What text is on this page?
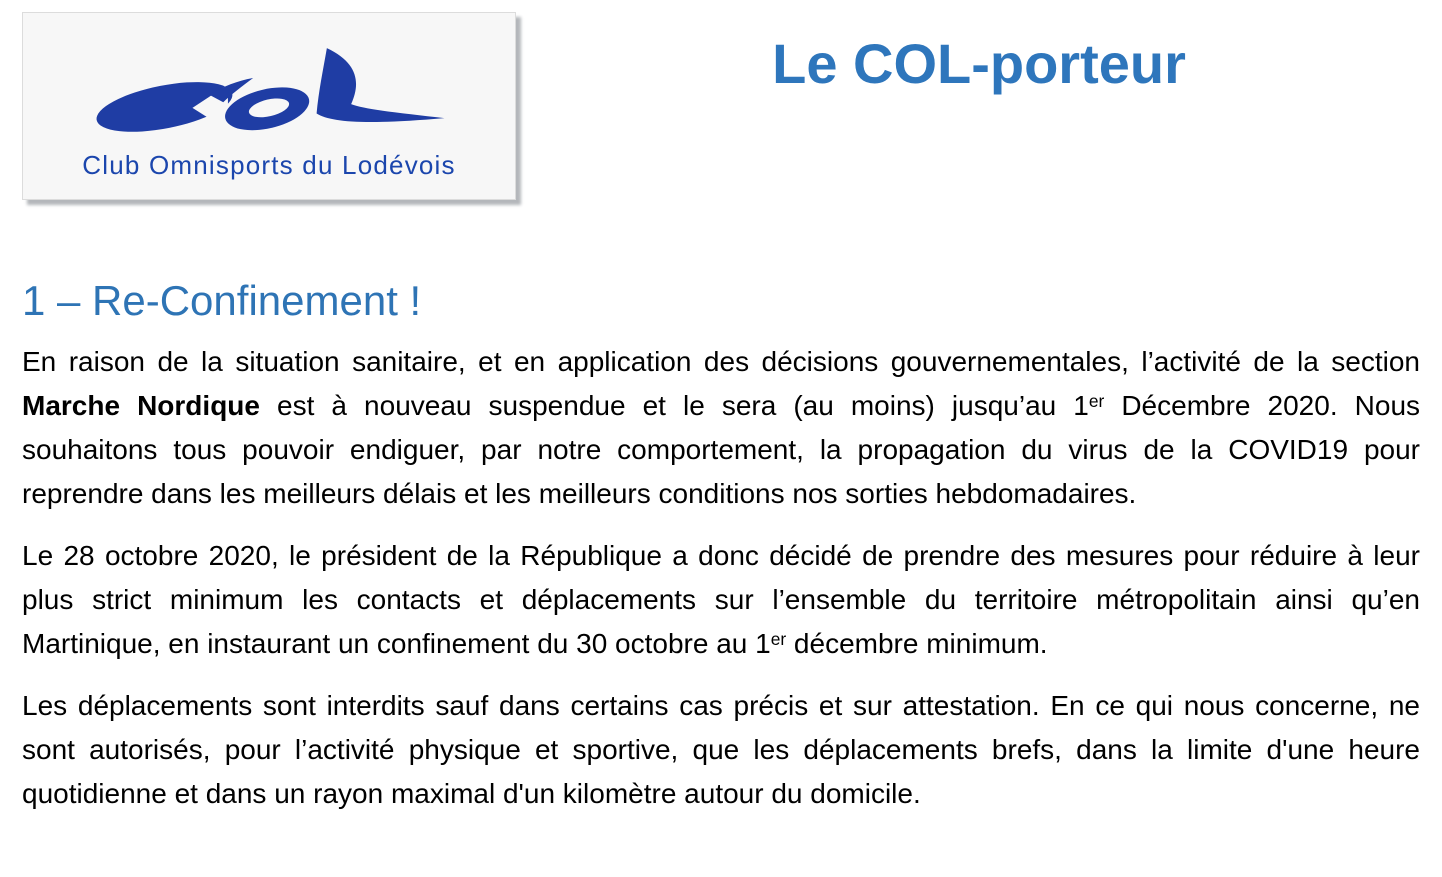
Club Omnisports du Lodévois
Le COL-porteur
1 – Re-Confinement !

En raison de la situation sanitaire, et en application des décisions gouvernementales, l’activité de la section Marche Nordique est à nouveau suspendue et le sera (au moins) jusqu’au 1er Décembre 2020. Nous souhaitons tous pouvoir endiguer, par notre comportement, la propagation du virus de la COVID19 pour reprendre dans les meilleurs délais et les meilleurs conditions nos sorties hebdomadaires.

Le 28 octobre 2020, le président de la République a donc décidé de prendre des mesures pour réduire à leur plus strict minimum les contacts et déplacements sur l’ensemble du territoire métropolitain ainsi qu’en Martinique, en instaurant un confinement du 30 octobre au 1er décembre minimum.

Les déplacements sont interdits sauf dans certains cas précis et sur attestation. En ce qui nous concerne, ne sont autorisés, pour l’activité physique et sportive, que les déplacements brefs, dans la limite d'une heure quotidienne et dans un rayon maximal d'un kilomètre autour du domicile.
